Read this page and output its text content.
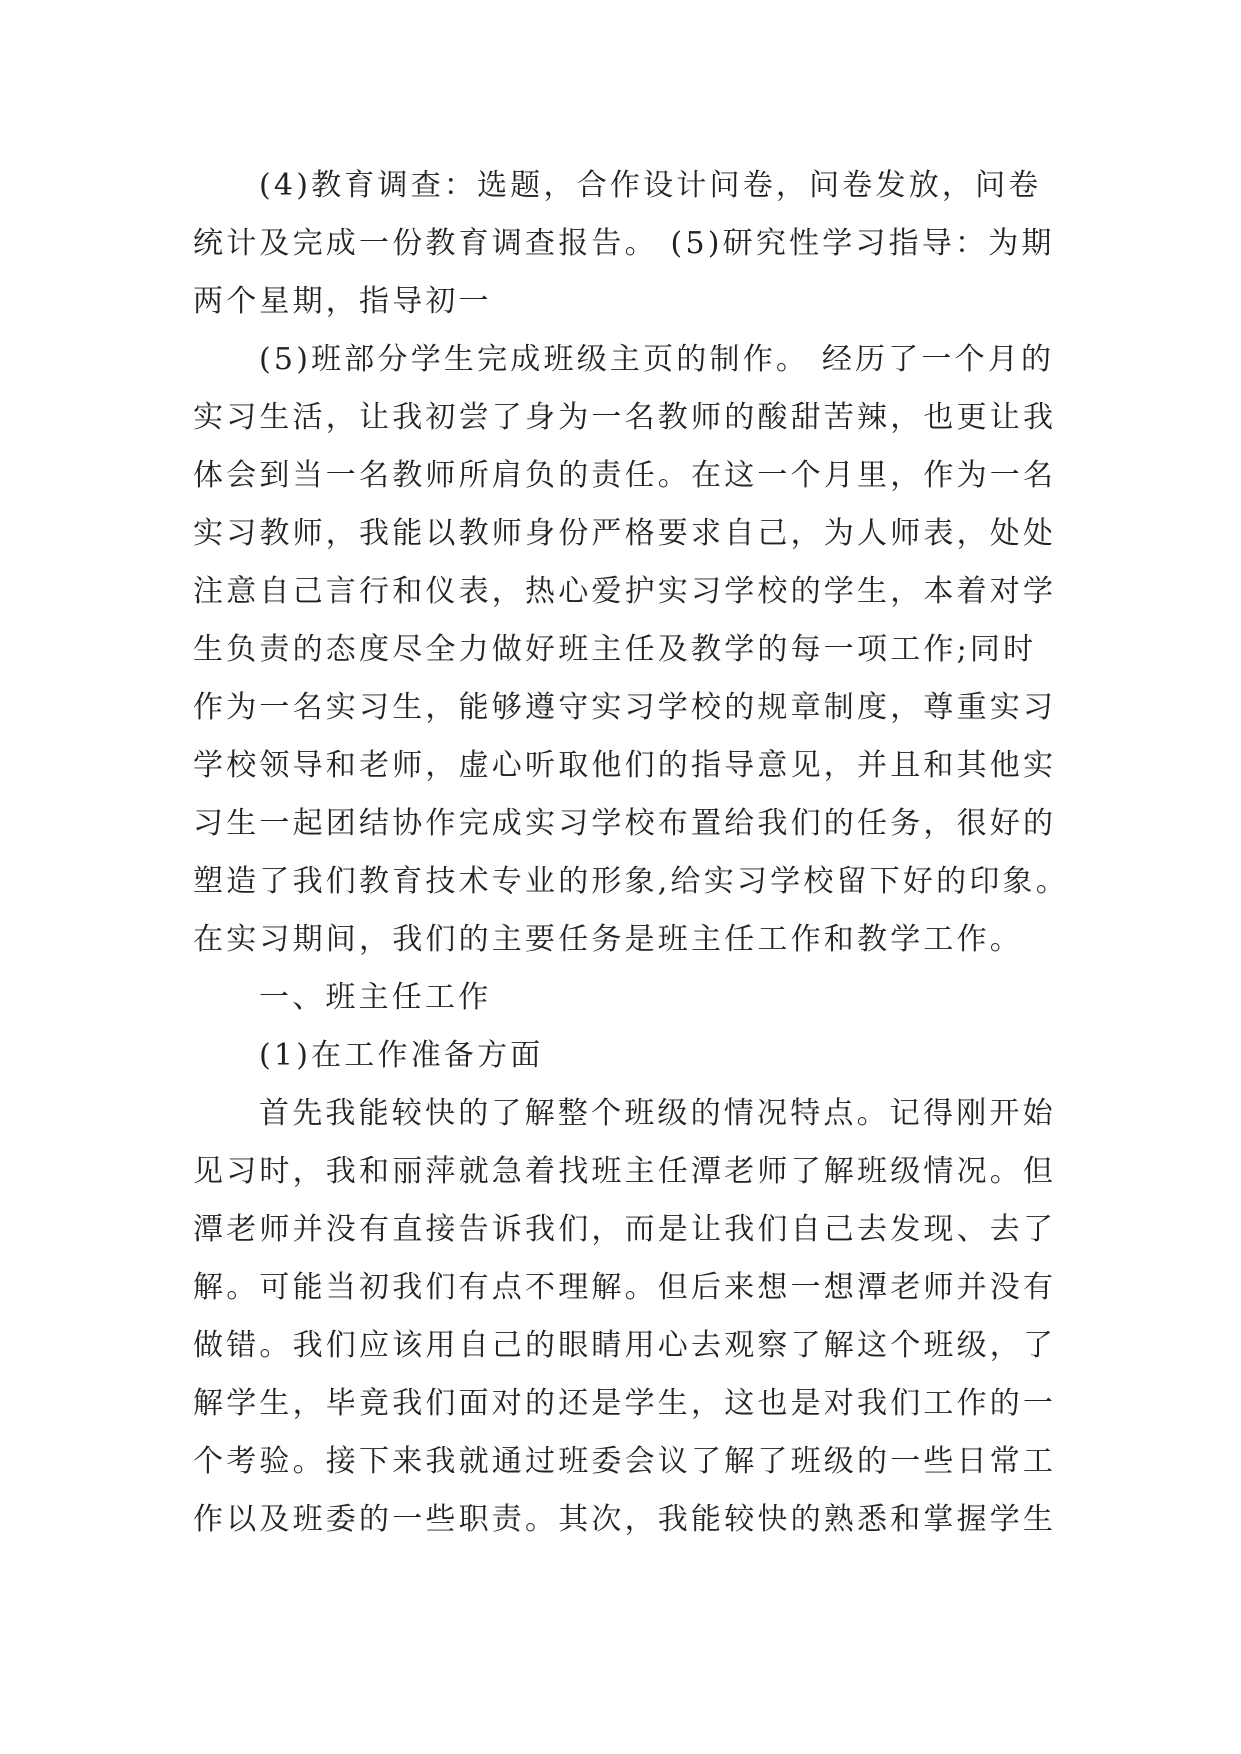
(4)教育调查：选题，合作设计问卷，问卷发放，问卷
统计及完成一份教育调查报告。 (5)研究性学习指导：为期
两个星期，指导初一
(5)班部分学生完成班级主页的制作。 经历了一个月的
实习生活，让我初尝了身为一名教师的酸甜苦辣，也更让我
体会到当一名教师所肩负的责任。在这一个月里，作为一名
实习教师，我能以教师身份严格要求自己，为人师表，处处
注意自己言行和仪表，热心爱护实习学校的学生，本着对学
生负责的态度尽全力做好班主任及教学的每一项工作;同时
作为一名实习生，能够遵守实习学校的规章制度，尊重实习
学校领导和老师，虚心听取他们的指导意见，并且和其他实
习生一起团结协作完成实习学校布置给我们的任务，很好的
塑造了我们教育技术专业的形象,给实习学校留下好的印象。
在实习期间，我们的主要任务是班主任工作和教学工作。
一、班主任工作
(1)在工作准备方面
首先我能较快的了解整个班级的情况特点。记得刚开始
见习时，我和丽萍就急着找班主任潭老师了解班级情况。但
潭老师并没有直接告诉我们，而是让我们自己去发现、去了
解。可能当初我们有点不理解。但后来想一想潭老师并没有
做错。我们应该用自己的眼睛用心去观察了解这个班级，了
解学生，毕竟我们面对的还是学生，这也是对我们工作的一
个考验。接下来我就通过班委会议了解了班级的一些日常工
作以及班委的一些职责。其次，我能较快的熟悉和掌握学生
